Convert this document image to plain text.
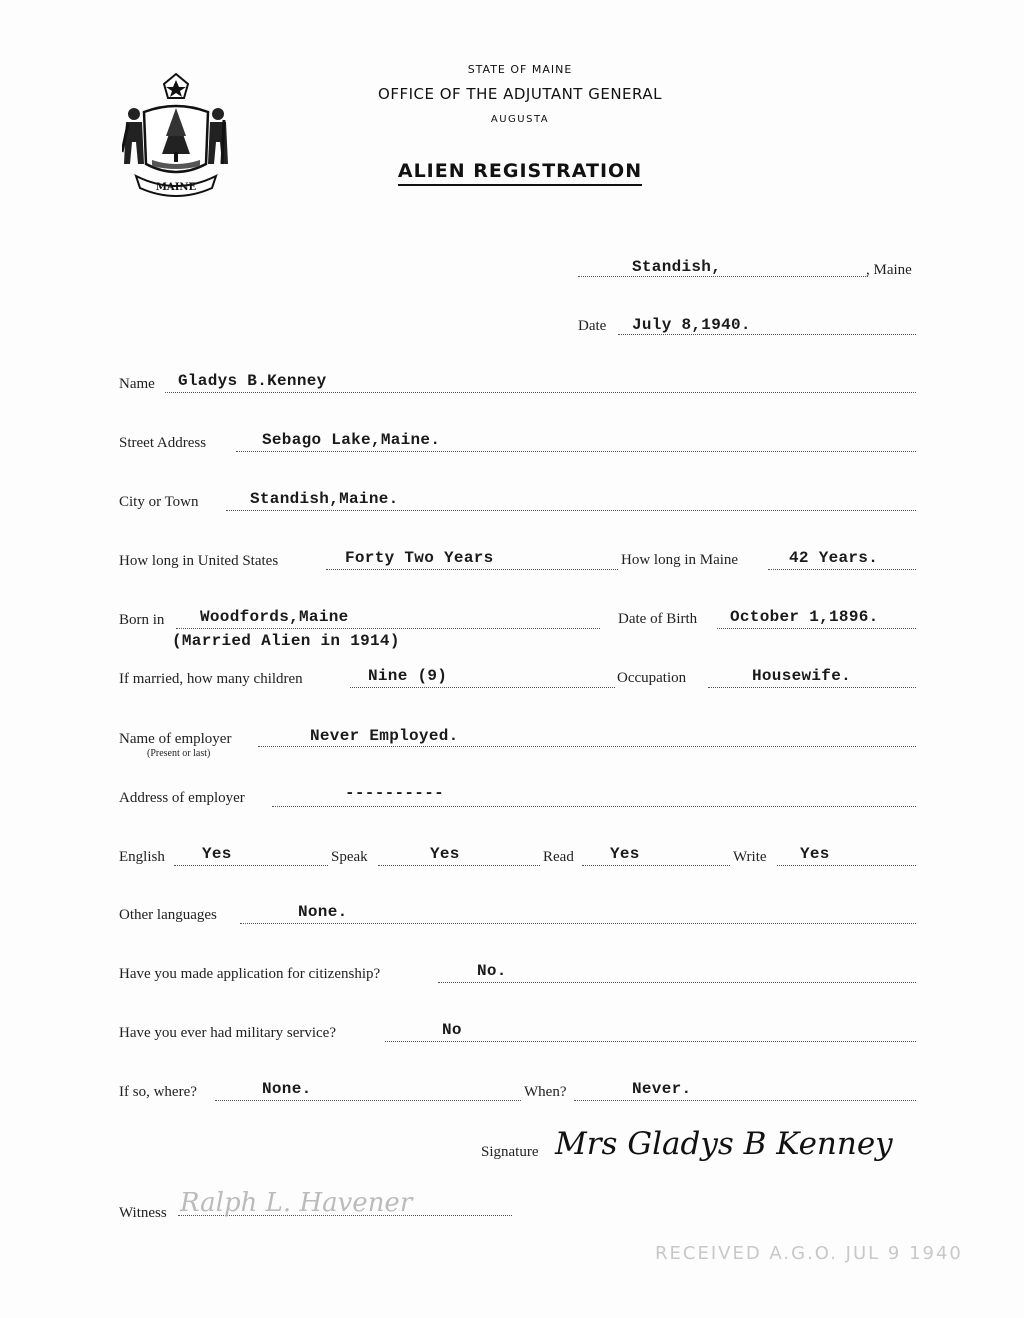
MAINE
STATE OF MAINE
OFFICE OF THE ADJUTANT GENERAL
AUGUSTA
ALIEN REGISTRATION
Standish,	, Maine
Date July 8,1940.
Name Gladys B.Kenney
Street Address	Sebago Lake,Maine.
City or Town	Standish,Maine.
How long in United States	Forty Two Years	How long in Maine	42 Years.
Born in Woodfords,Maine
(Married Alien in 1914)
Date of Birth October 1,1896.
If married, how many children	Nine (9)	Occupation	Housewife.
Name of employer
(Present or last)
Never Employed.
Address of employer	----------
English Yes	Speak	Yes	Read Yes	Write Yes
Other languages	None.
Have you made application for citizenship?	No.
Have you ever had military service?	No
If so, where?	None.	When?	Never.
Signature Mrs Gladys B Kenney
Witness Ralph L. Havener
RECEIVED A.G.O. JUL 9 1940
